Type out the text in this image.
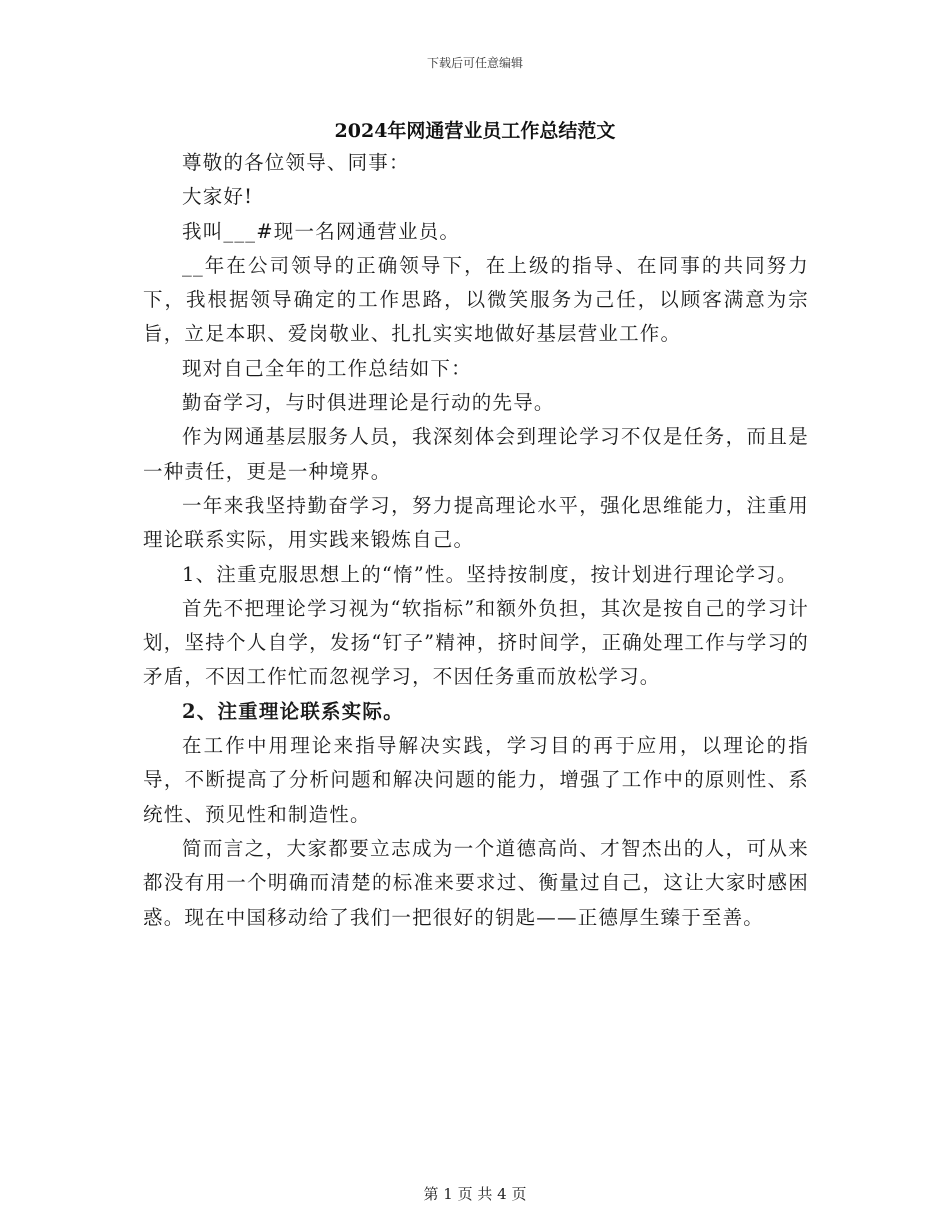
下载后可任意编辑
2024年网通营业员工作总结范文

尊敬的各位领导、同事：

大家好!

我叫___#现一名网通营业员。

__年在公司领导的正确领导下，在上级的指导、在同事的共同努力下，我根据领导确定的工作思路，以微笑服务为己任，以顾客满意为宗旨，立足本职、爱岗敬业、扎扎实实地做好基层营业工作。

现对自己全年的工作总结如下：

勤奋学习，与时俱进理论是行动的先导。

作为网通基层服务人员，我深刻体会到理论学习不仅是任务，而且是一种责任，更是一种境界。

一年来我坚持勤奋学习，努力提高理论水平，强化思维能力，注重用理论联系实际，用实践来锻炼自己。

1、注重克服思想上的“惰”性。坚持按制度，按计划进行理论学习。

首先不把理论学习视为“软指标”和额外负担，其次是按自己的学习计划，坚持个人自学，发扬“钉子”精神，挤时间学，正确处理工作与学习的矛盾，不因工作忙而忽视学习，不因任务重而放松学习。

2、注重理论联系实际。

在工作中用理论来指导解决实践，学习目的再于应用，以理论的指导，不断提高了分析问题和解决问题的能力，增强了工作中的原则性、系统性、预见性和制造性。

简而言之，大家都要立志成为一个道德高尚、才智杰出的人，可从来都没有用一个明确而清楚的标准来要求过、衡量过自己，这让大家时感困惑。现在中国移动给了我们一把很好的钥匙——正德厚生臻于至善。

第 1 页 共 4 页
